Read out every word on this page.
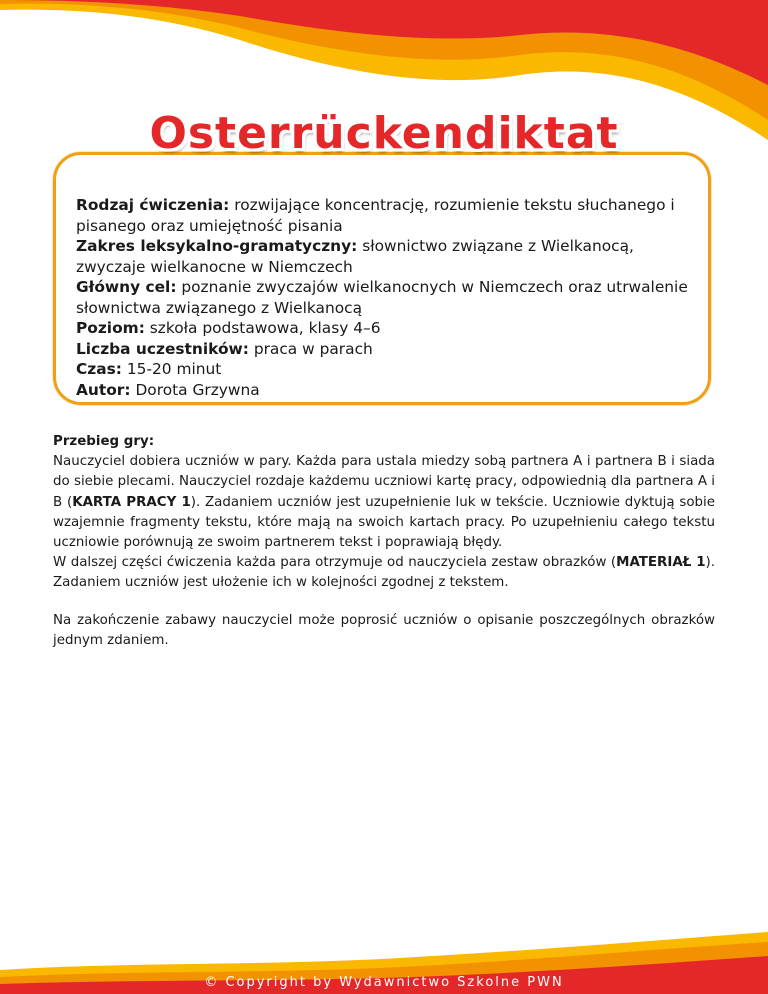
Osterrückendiktat

Rodzaj ćwiczenia: rozwijające koncentrację, rozumienie tekstu słuchanego i pisanego oraz umiejętność pisania

Zakres leksykalno-gramatyczny: słownictwo związane z Wielkanocą, zwyczaje wielkanocne w Niemczech

Główny cel: poznanie zwyczajów wielkanocnych w Niemczech oraz utrwalenie słownictwa związanego z Wielkanocą

Poziom: szkoła podstawowa, klasy 4–6

Liczba uczestników: praca w parach

Czas: 15-20 minut

Autor: Dorota Grzywna

Przebieg gry:

Nauczyciel dobiera uczniów w pary. Każda para ustala miedzy sobą partnera A i partnera B i siada do siebie plecami. Nauczyciel rozdaje każdemu uczniowi kartę pracy, odpowiednią dla partnera A i B (KARTA PRACY 1). Zadaniem uczniów jest uzupełnienie luk w tekście. Uczniowie dyktują sobie wzajemnie fragmenty tekstu, które mają na swoich kartach pracy. Po uzupełnieniu całego tekstu uczniowie porównują ze swoim partnerem tekst i poprawiają błędy.

W dalszej części ćwiczenia każda para otrzymuje od nauczyciela zestaw obrazków (MATERIAŁ 1). Zadaniem uczniów jest ułożenie ich w kolejności zgodnej z tekstem.

Na zakończenie zabawy nauczyciel może poprosić uczniów o opisanie poszczególnych obrazków jednym zdaniem.

© Copyright by Wydawnictwo Szkolne PWN
